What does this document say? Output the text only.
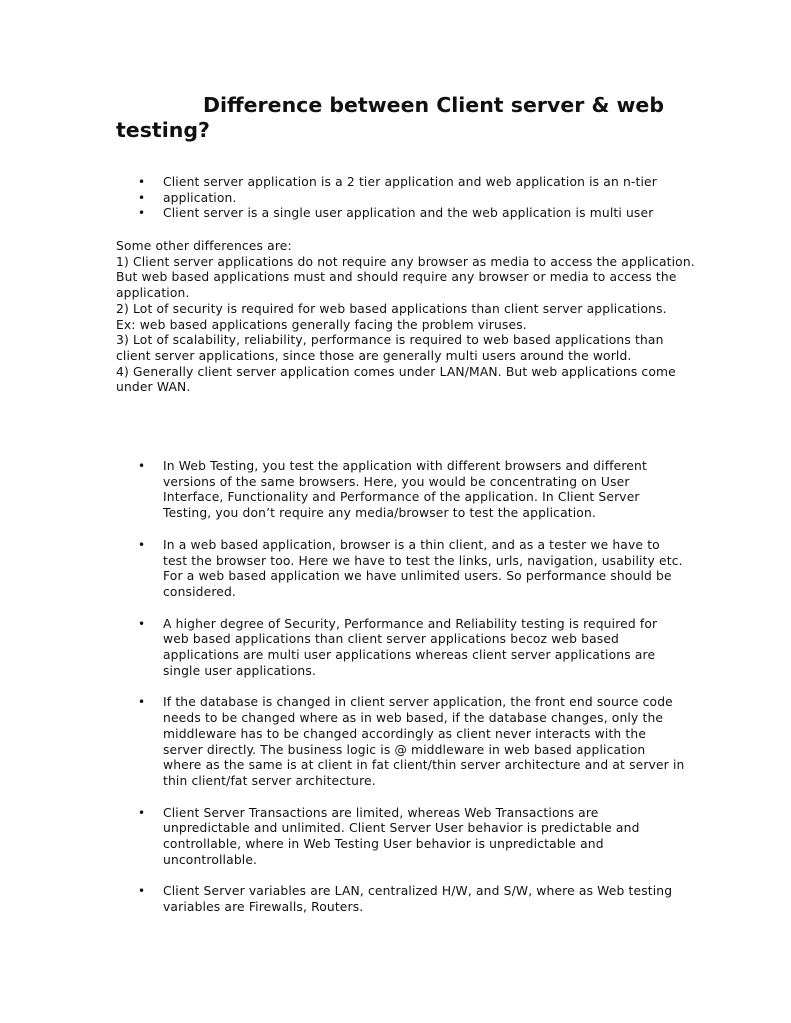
Difference between Client server & web testing?
• Client server application is a 2 tier application and web application is an n-tier
• application.
• Client server is a single user application and the web application is multi user

Some other differences are:

1) Client server applications do not require any browser as media to access the application.

But web based applications must and should require any browser or media to access the application.

2) Lot of security is required for web based applications than client server applications.

Ex: web based applications generally facing the problem viruses.

3) Lot of scalability, reliability, performance is required to web based applications than client server applications, since those are generally multi users around the world.

4) Generally client server application comes under LAN/MAN. But web applications come under WAN.

• In Web Testing, you test the application with different browsers and different versions of the same browsers. Here, you would be concentrating on User Interface, Functionality and Performance of the application. In Client Server Testing, you don’t require any media/browser to test the application.
• In a web based application, browser is a thin client, and as a tester we have to test the browser too. Here we have to test the links, urls, navigation, usability etc. For a web based application we have unlimited users. So performance should be considered.
• A higher degree of Security, Performance and Reliability testing is required for web based applications than client server applications becoz web based applications are multi user applications whereas client server applications are single user applications.
• If the database is changed in client server application, the front end source code needs to be changed where as in web based, if the database changes, only the middleware has to be changed accordingly as client never interacts with the server directly. The business logic is @ middleware in web based application where as the same is at client in fat client/thin server architecture and at server in thin client/fat server architecture.
• Client Server Transactions are limited, whereas Web Transactions are unpredictable and unlimited. Client Server User behavior is predictable and controllable, where in Web Testing User behavior is unpredictable and uncontrollable.
• Client Server variables are LAN, centralized H/W, and S/W, where as Web testing variables are Firewalls, Routers.
